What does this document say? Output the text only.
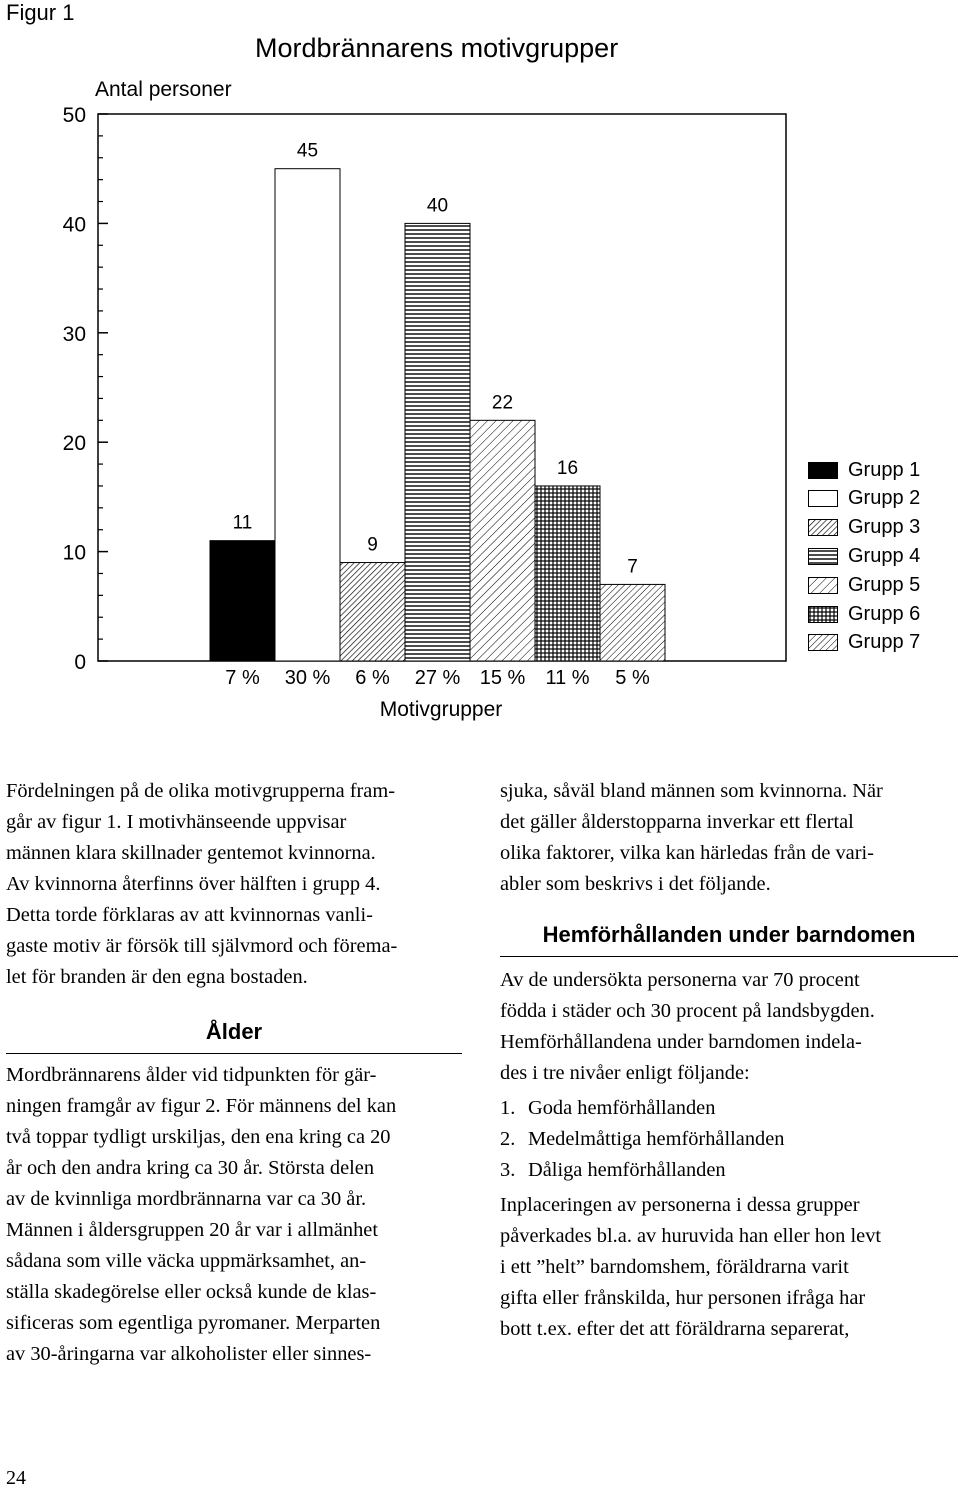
Figur 1
Mordbrännarens motivgrupper
Antal personer
0
10
20
30
40
50
11
45
9
40
22
16
7
7 % 30 % 6 % 27 % 15 % 11 % 5 %
Motivgrupper
Grupp 1
Grupp 2
Grupp 3
Grupp 4
Grupp 5
Grupp 6
Grupp 7

Fördelningen på de olika motivgrupperna fram-

går av figur 1. I motivhänseende uppvisar

männen klara skillnader gentemot kvinnorna.

Av kvinnorna återfinns över hälften i grupp 4.

Detta torde förklaras av att kvinnornas vanli-

gaste motiv är försök till självmord och förema-

let för branden är den egna bostaden.

Ålder

Mordbrännarens ålder vid tidpunkten för gär-

ningen framgår av figur 2. För männens del kan

två toppar tydligt urskiljas, den ena kring ca 20

år och den andra kring ca 30 år. Största delen

av de kvinnliga mordbrännarna var ca 30 år.

Männen i åldersgruppen 20 år var i allmänhet

sådana som ville väcka uppmärksamhet, an-

ställa skadegörelse eller också kunde de klas-

sificeras som egentliga pyromaner. Merparten

av 30-åringarna var alkoholister eller sinnes-

sjuka, såväl bland männen som kvinnorna. När

det gäller ålderstopparna inverkar ett flertal

olika faktorer, vilka kan härledas från de vari-

abler som beskrivs i det följande.

Hemförhållanden under barndomen

Av de undersökta personerna var 70 procent

födda i städer och 30 procent på landsbygden.

Hemförhållandena under barndomen indela-

des i tre nivåer enligt följande:

1. Goda hemförhållanden
2. Medelmåttiga hemförhållanden
3. Dåliga hemförhållanden

Inplaceringen av personerna i dessa grupper

påverkades bl.a. av huruvida han eller hon levt

i ett ”helt” barndomshem, föräldrarna varit

gifta eller frånskilda, hur personen ifråga har

bott t.ex. efter det att föräldrarna separerat,

24
